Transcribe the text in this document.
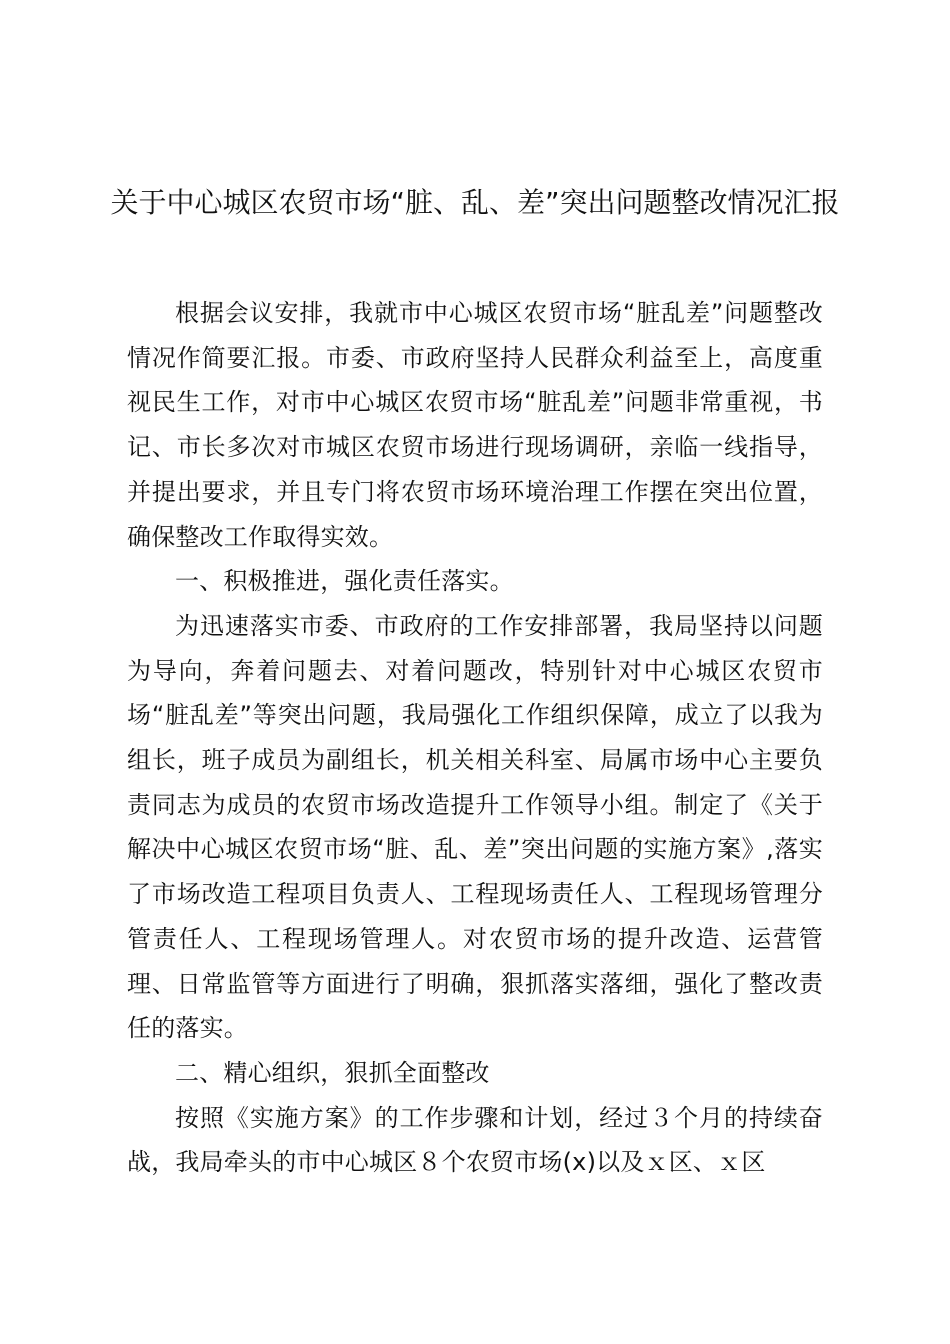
关于中心城区农贸市场“脏、乱、差”突出问题整改情况汇报

根据会议安排，我就市中心城区农贸市场“脏乱差”问题整改情况作简要汇报。市委、市政府坚持人民群众利益至上，高度重视民生工作，对市中心城区农贸市场“脏乱差”问题非常重视，书记、市长多次对市城区农贸市场进行现场调研，亲临一线指导，并提出要求，并且专门将农贸市场环境治理工作摆在突出位置，确保整改工作取得实效。

一、积极推进，强化责任落实。

为迅速落实市委、市政府的工作安排部署，我局坚持以问题为导向，奔着问题去、对着问题改，特别针对中心城区农贸市场“脏乱差”等突出问题，我局强化工作组织保障，成立了以我为组长，班子成员为副组长，机关相关科室、局属市场中心主要负责同志为成员的农贸市场改造提升工作领导小组。制定了《关于解决中心城区农贸市场“脏、乱、差”突出问题的实施方案》,落实了市场改造工程项目负责人、工程现场责任人、工程现场管理分管责任人、工程现场管理人。对农贸市场的提升改造、运营管理、日常监管等方面进行了明确，狠抓落实落细，强化了整改责任的落实。

二、精心组织，狠抓全面整改

按照《实施方案》的工作步骤和计划，经过３个月的持续奋战，我局牵头的市中心城区８个农贸市场(x)以及ｘ区、ｘ区
